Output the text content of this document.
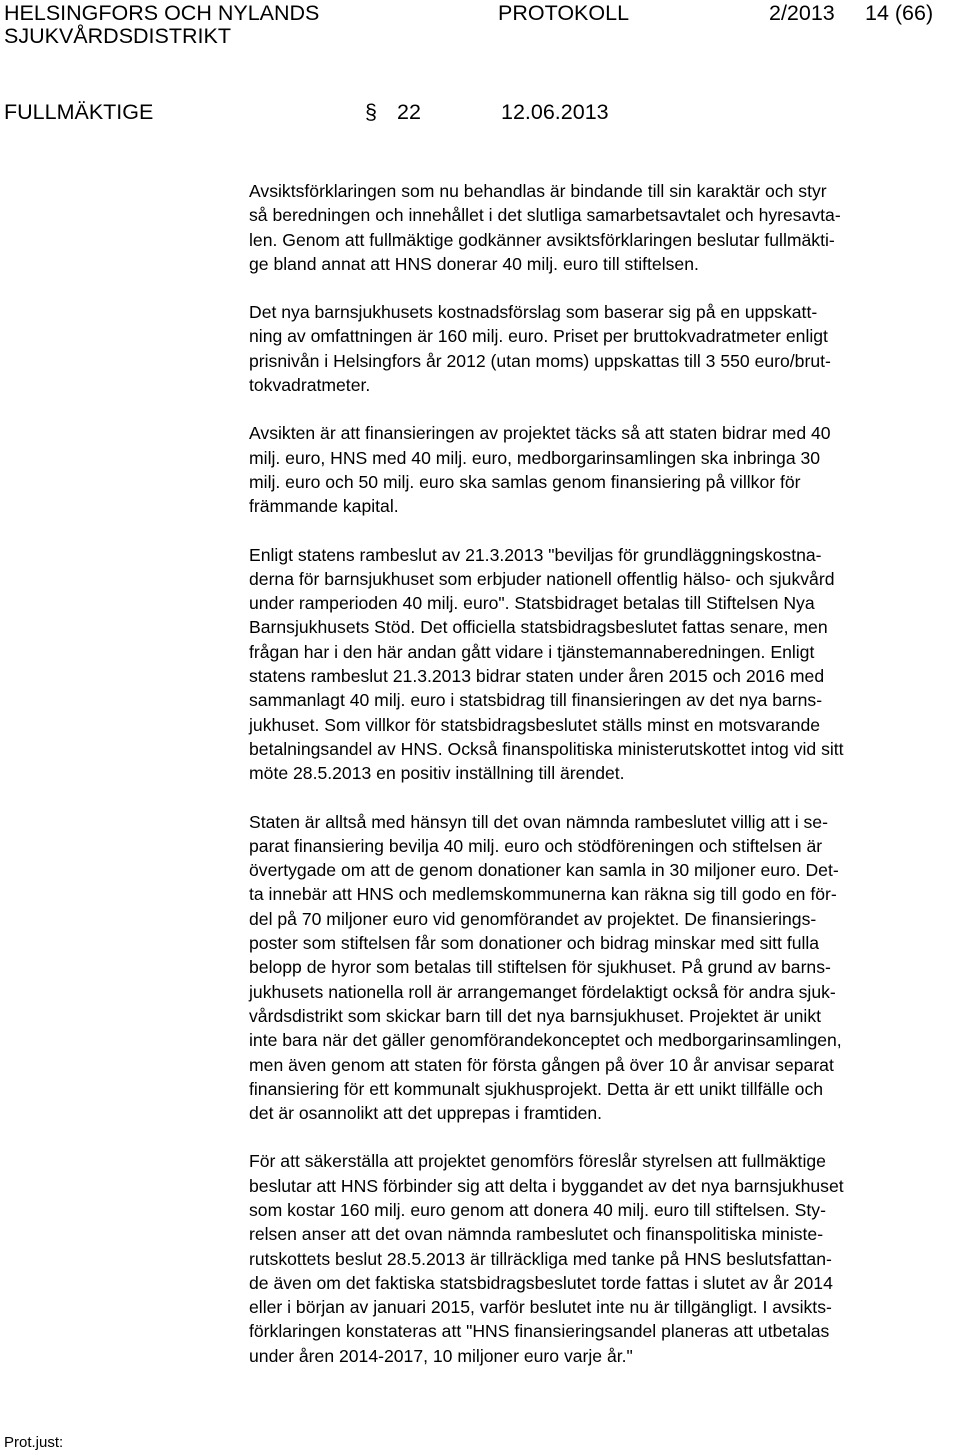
HELSINGFORS OCH NYLANDS
SJUKVÅRDSDISTRIKT
PROTOKOLL	2/2013 14 (66)
FULLMÄKTIGE	§ 22	12.06.2013
Avsiktsförklaringen som nu behandlas är bindande till sin karaktär och styr
så beredningen och innehållet i det slutliga samarbetsavtalet och hyresavta-
len. Genom att fullmäktige godkänner avsiktsförklaringen beslutar fullmäkti-
ge bland annat att HNS donerar 40 milj. euro till stiftelsen.
Det nya barnsjukhusets kostnadsförslag som baserar sig på en uppskatt-
ning av omfattningen är 160 milj. euro. Priset per bruttokvadratmeter enligt
prisnivån i Helsingfors år 2012 (utan moms) uppskattas till 3 550 euro/brut-
tokvadratmeter.
Avsikten är att finansieringen av projektet täcks så att staten bidrar med 40
milj. euro, HNS med 40 milj. euro, medborgarinsamlingen ska inbringa 30
milj. euro och 50 milj. euro ska samlas genom finansiering på villkor för
främmande kapital.
Enligt statens rambeslut av 21.3.2013 "beviljas för grundläggningskostna-
derna för barnsjukhuset som erbjuder nationell offentlig hälso- och sjukvård
under ramperioden 40 milj. euro". Statsbidraget betalas till Stiftelsen Nya
Barnsjukhusets Stöd. Det officiella statsbidragsbeslutet fattas senare, men
frågan har i den här andan gått vidare i tjänstemannaberedningen. Enligt
statens rambeslut 21.3.2013 bidrar staten under åren 2015 och 2016 med
sammanlagt 40 milj. euro i statsbidrag till finansieringen av det nya barns-
jukhuset. Som villkor för statsbidragsbeslutet ställs minst en motsvarande
betalningsandel av HNS. Också finanspolitiska ministerutskottet intog vid sitt
möte 28.5.2013 en positiv inställning till ärendet.
Staten är alltså med hänsyn till det ovan nämnda rambeslutet villig att i se-
parat finansiering bevilja 40 milj. euro och stödföreningen och stiftelsen är
övertygade om att de genom donationer kan samla in 30 miljoner euro. Det-
ta innebär att HNS och medlemskommunerna kan räkna sig till godo en för-
del på 70 miljoner euro vid genomförandet av projektet. De finansierings-
poster som stiftelsen får som donationer och bidrag minskar med sitt fulla
belopp de hyror som betalas till stiftelsen för sjukhuset. På grund av barns-
jukhusets nationella roll är arrangemanget fördelaktigt också för andra sjuk-
vårdsdistrikt som skickar barn till det nya barnsjukhuset. Projektet är unikt
inte bara när det gäller genomförandekonceptet och medborgarinsamlingen,
men även genom att staten för första gången på över 10 år anvisar separat
finansiering för ett kommunalt sjukhusprojekt. Detta är ett unikt tillfälle och
det är osannolikt att det upprepas i framtiden.
För att säkerställa att projektet genomförs föreslår styrelsen att fullmäktige
beslutar att HNS förbinder sig att delta i byggandet av det nya barnsjukhuset
som kostar 160 milj. euro genom att donera 40 milj. euro till stiftelsen. Sty-
relsen anser att det ovan nämnda rambeslutet och finanspolitiska ministe-
rutskottets beslut 28.5.2013 är tillräckliga med tanke på HNS beslutsfattan-
de även om det faktiska statsbidragsbeslutet torde fattas i slutet av år 2014
eller i början av januari 2015, varför beslutet inte nu är tillgängligt. I avsikts-
förklaringen konstateras att "HNS finansieringsandel planeras att utbetalas
under åren 2014-2017, 10 miljoner euro varje år."
Prot.just:
